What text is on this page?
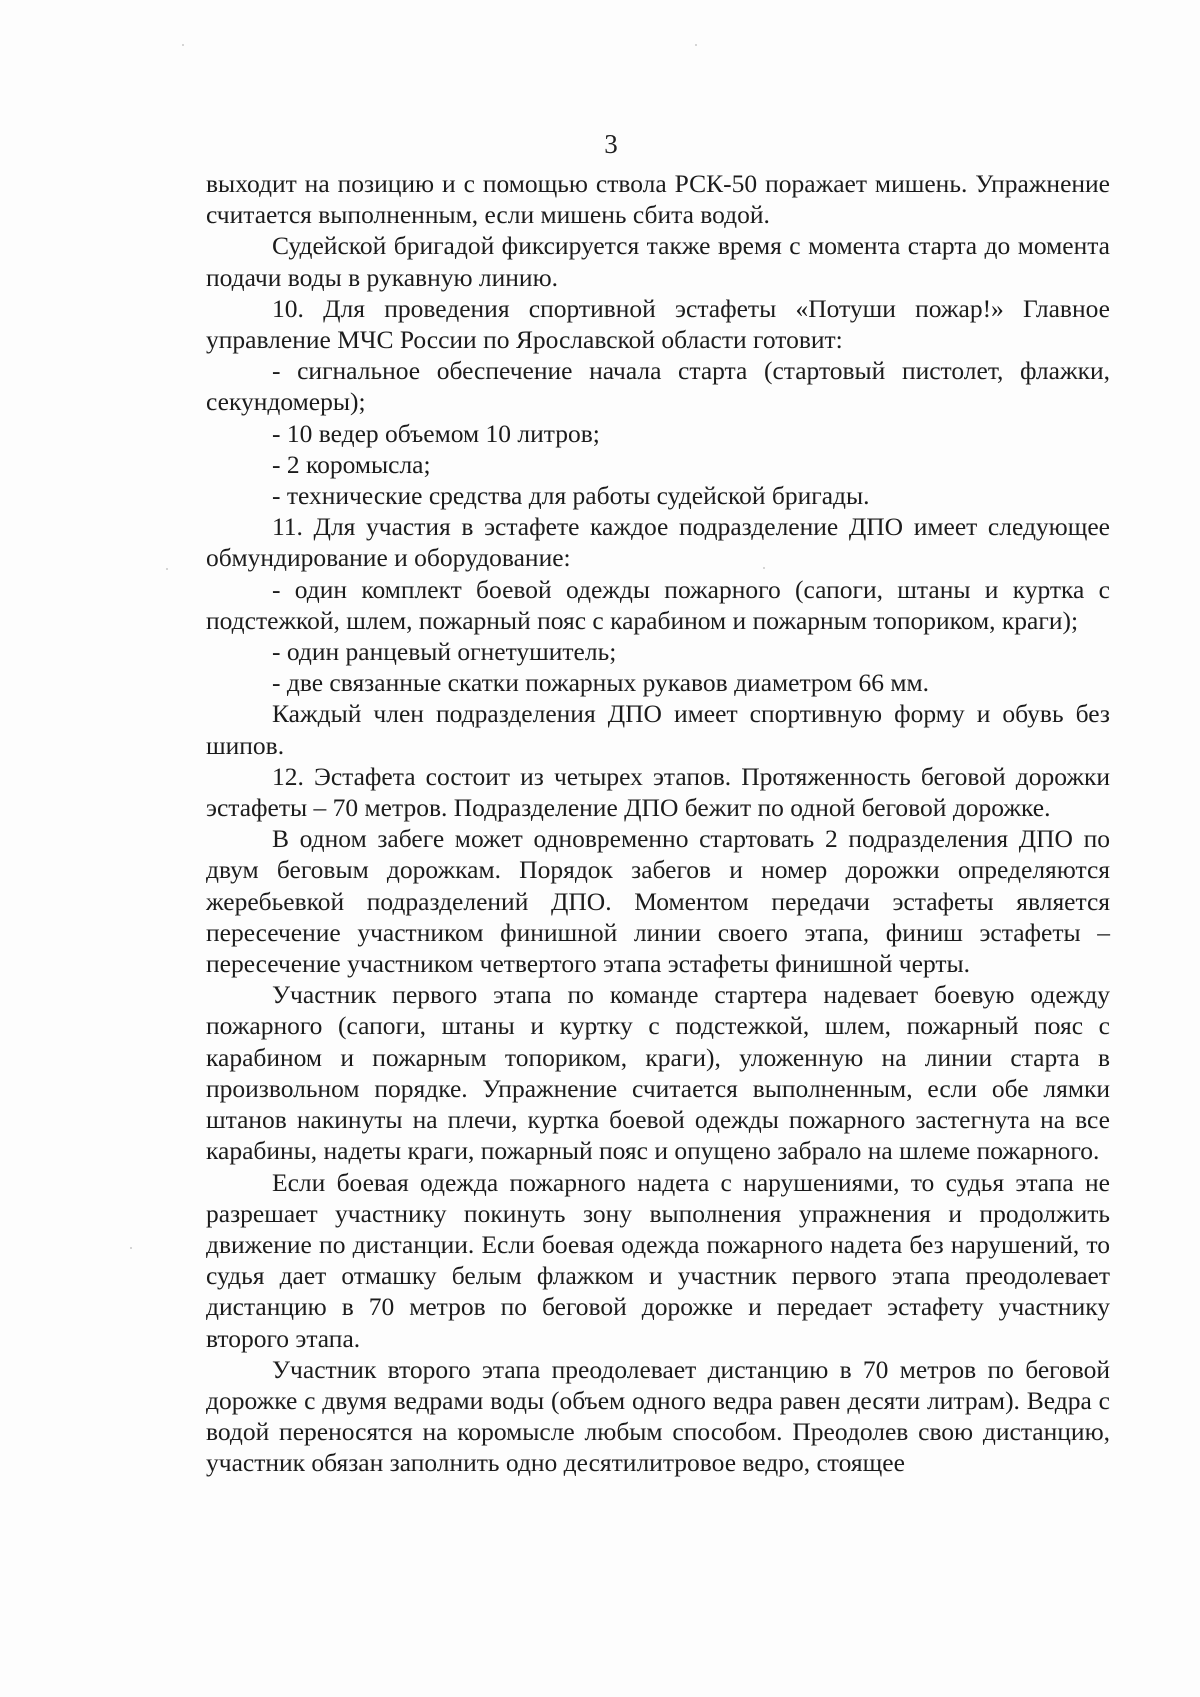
3

выходит на позицию и с помощью ствола РСК-50 поражает мишень. Упражнение считается выполненным, если мишень сбита водой.

Судейской бригадой фиксируется также время с момента старта до момента подачи воды в рукавную линию.

10. Для проведения спортивной эстафеты «Потуши пожар!» Главное управление МЧС России по Ярославской области готовит:

- сигнальное обеспечение начала старта (стартовый пистолет, флажки, секундомеры);

- 10 ведер объемом 10 литров;

- 2 коромысла;

- технические средства для работы судейской бригады.

11. Для участия в эстафете каждое подразделение ДПО имеет следующее обмундирование и оборудование:

- один комплект боевой одежды пожарного (сапоги, штаны и куртка с подстежкой, шлем, пожарный пояс с карабином и пожарным топориком, краги);

- один ранцевый огнетушитель;

- две связанные скатки пожарных рукавов диаметром 66 мм.

Каждый член подразделения ДПО имеет спортивную форму и обувь без шипов.

12. Эстафета состоит из четырех этапов. Протяженность беговой дорожки эстафеты – 70 метров. Подразделение ДПО бежит по одной беговой дорожке.

В одном забеге может одновременно стартовать 2 подразделения ДПО по двум беговым дорожкам. Порядок забегов и номер дорожки определяются жеребьевкой подразделений ДПО. Моментом передачи эстафеты является пересечение участником финишной линии своего этапа, финиш эстафеты – пересечение участником четвертого этапа эстафеты финишной черты.

Участник первого этапа по команде стартера надевает боевую одежду пожарного (сапоги, штаны и куртку с подстежкой, шлем, пожарный пояс с карабином и пожарным топориком, краги), уложенную на линии старта в произвольном порядке. Упражнение считается выполненным, если обе лямки штанов накинуты на плечи, куртка боевой одежды пожарного застегнута на все карабины, надеты краги, пожарный пояс и опущено забрало на шлеме пожарного.

Если боевая одежда пожарного надета с нарушениями, то судья этапа не разрешает участнику покинуть зону выполнения упражнения и продолжить движение по дистанции. Если боевая одежда пожарного надета без нарушений, то судья дает отмашку белым флажком и участник первого этапа преодолевает дистанцию в 70 метров по беговой дорожке и передает эстафету участнику второго этапа.

Участник второго этапа преодолевает дистанцию в 70 метров по беговой дорожке с двумя ведрами воды (объем одного ведра равен десяти литрам). Ведра с водой переносятся на коромысле любым способом. Преодолев свою дистанцию, участник обязан заполнить одно десятилитровое ведро, стоящее
